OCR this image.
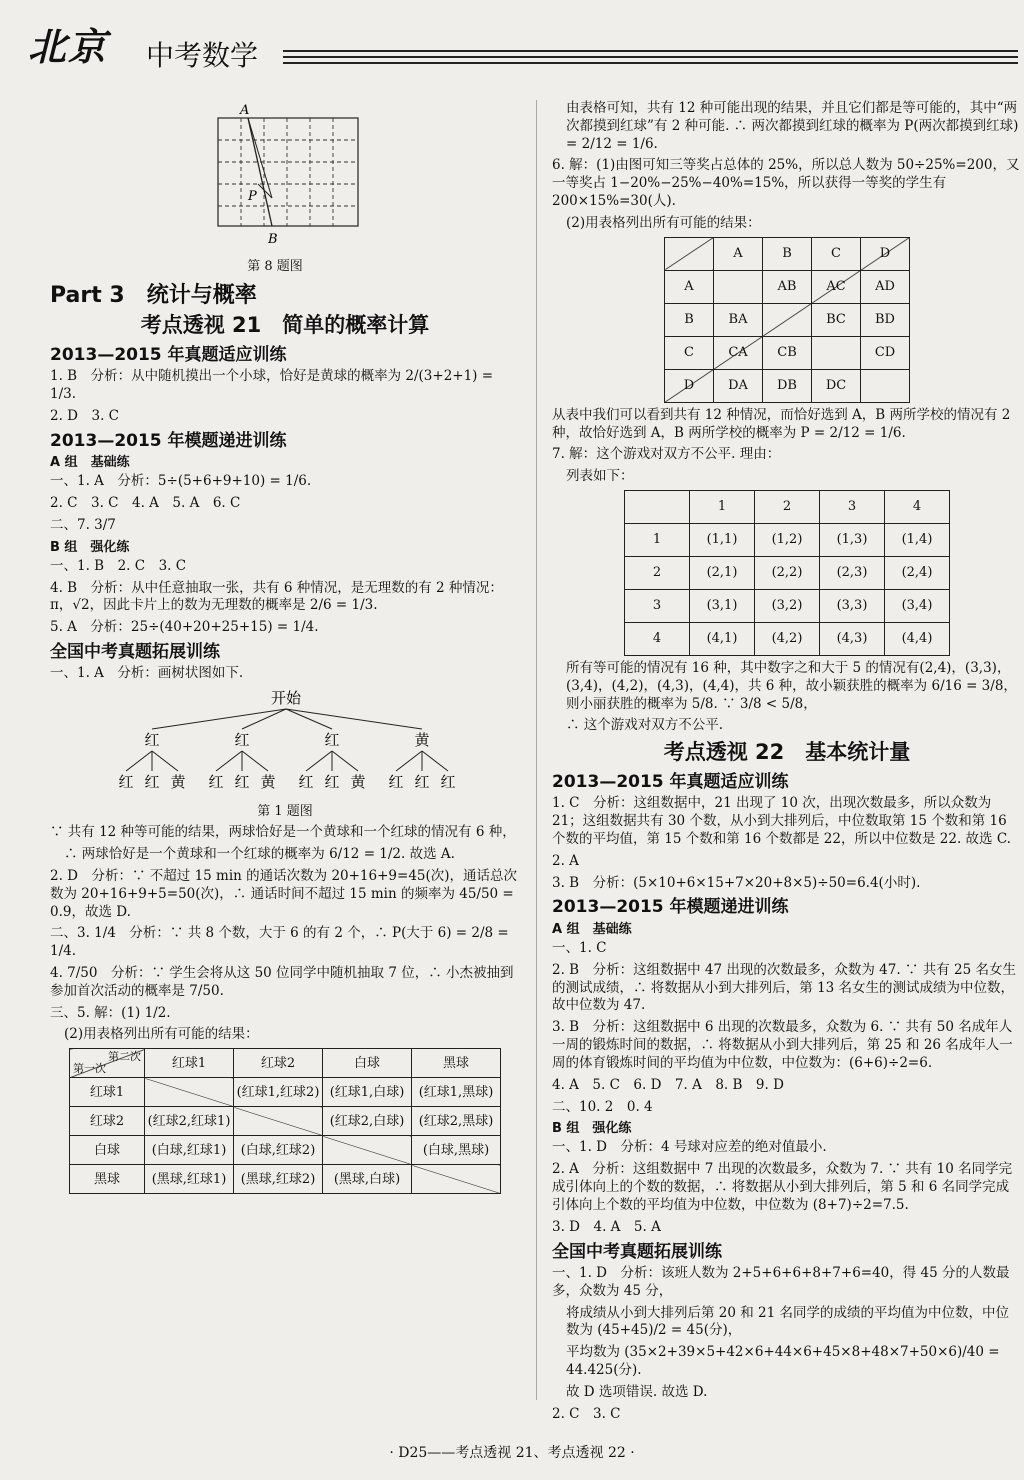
北京 中考数学
A
P
B
第 8 题图
Part 3　统计与概率
考点透视 21　简单的概率计算
2013—2015 年真题适应训练

1. B　分析：从中随机摸出一个小球，恰好是黄球的概率为 2/(3+2+1) = 1/3.

2. D　3. C

2013—2015 年模题递进训练
A 组　基础练

一、1. A　分析：5÷(5+6+9+10) = 1/6.

2. C　3. C　4. A　5. A　6. C

二、7. 3/7

B 组　强化练

一、1. B　2. C　3. C

4. B　分析：从中任意抽取一张，共有 6 种情况，是无理数的有 2 种情况：π，√2，因此卡片上的数为无理数的概率是 2/6 = 1/3.

5. A　分析：25÷(40+20+25+15) = 1/4.

全国中考真题拓展训练

一、1. A　分析：画树状图如下.

开始
红	红	红	黄
红 红 黄 红 红 黄 红 红 黄 红 红 红
第 1 题图

∵ 共有 12 种等可能的结果，两球恰好是一个黄球和一个红球的情况有 6 种，

∴ 两球恰好是一个黄球和一个红球的概率为 6/12 = 1/2. 故选 A.

2. D　分析：∵ 不超过 15 min 的通话次数为 20+16+9=45(次)，通话总次数为 20+16+9+5=50(次)，∴ 通话时间不超过 15 min 的频率为 45/50 = 0.9，故选 D.

二、3. 1/4　分析：∵ 共 8 个数，大于 6 的有 2 个，∴ P(大于 6) = 2/8 = 1/4.

4. 7/50　分析：∵ 学生会将从这 50 位同学中随机抽取 7 位，∴ 小杰被抽到参加首次活动的概率是 7/50.

三、5. 解：(1) 1/2.

(2)用表格列出所有可能的结果：

第二次
第一次	红球1	红球2	白球	黑球
红球1		(红球1,红球2)	(红球1,白球)	(红球1,黑球)
红球2	(红球2,红球1)		(红球2,白球)	(红球2,黑球)
白球	(白球,红球1)	(白球,红球2)		(白球,黑球)
黑球	(黑球,红球1)	(黑球,红球2)	(黑球,白球)	

由表格可知，共有 12 种可能出现的结果，并且它们都是等可能的，其中“两次都摸到红球”有 2 种可能. ∴ 两次都摸到红球的概率为 P(两次都摸到红球) = 2/12 = 1/6.

6. 解：(1)由图可知三等奖占总体的 25%，所以总人数为 50÷25%=200，又一等奖占 1−20%−25%−40%=15%，所以获得一等奖的学生有 200×15%=30(人).

(2)用表格列出所有可能的结果：

	A	B	C	D
A		AB	AC	AD
B	BA		BC	BD
C	CA	CB		CD
D	DA	DB	DC	

从表中我们可以看到共有 12 种情况，而恰好选到 A，B 两所学校的情况有 2 种，故恰好选到 A，B 两所学校的概率为 P = 2/12 = 1/6.

7. 解：这个游戏对双方不公平. 理由：

列表如下：

	1	2	3	4
1	(1,1)	(1,2)	(1,3)	(1,4)
2	(2,1)	(2,2)	(2,3)	(2,4)
3	(3,1)	(3,2)	(3,3)	(3,4)
4	(4,1)	(4,2)	(4,3)	(4,4)

所有等可能的情况有 16 种，其中数字之和大于 5 的情况有(2,4)，(3,3)，(3,4)，(4,2)，(4,3)，(4,4)，共 6 种，故小颖获胜的概率为 6/16 = 3/8，则小丽获胜的概率为 5/8. ∵ 3/8 < 5/8，

∴ 这个游戏对双方不公平.

考点透视 22　基本统计量
2013—2015 年真题适应训练

1. C　分析：这组数据中，21 出现了 10 次，出现次数最多，所以众数为 21；这组数据共有 30 个数，从小到大排列后，中位数取第 15 个数和第 16 个数的平均值，第 15 个数和第 16 个数都是 22，所以中位数是 22. 故选 C.

2. A

3. B　分析：(5×10+6×15+7×20+8×5)÷50=6.4(小时).

2013—2015 年模题递进训练
A 组　基础练

一、1. C

2. B　分析：这组数据中 47 出现的次数最多，众数为 47. ∵ 共有 25 名女生的测试成绩，∴ 将数据从小到大排列后，第 13 名女生的测试成绩为中位数，故中位数为 47.

3. B　分析：这组数据中 6 出现的次数最多，众数为 6. ∵ 共有 50 名成年人一周的锻炼时间的数据，∴ 将数据从小到大排列后，第 25 和 26 名成年人一周的体育锻炼时间的平均值为中位数，中位数为：(6+6)÷2=6.

4. A　5. C　6. D　7. A　8. B　9. D

二、10. 2　0. 4

B 组　强化练

一、1. D　分析：4 号球对应差的绝对值最小.

2. A　分析：这组数据中 7 出现的次数最多，众数为 7. ∵ 共有 10 名同学完成引体向上的个数的数据，∴ 将数据从小到大排列后，第 5 和 6 名同学完成引体向上个数的平均值为中位数，中位数为 (8+7)÷2=7.5.

3. D　4. A　5. A

全国中考真题拓展训练

一、1. D　分析：该班人数为 2+5+6+6+8+7+6=40，得 45 分的人数最多，众数为 45 分，

将成绩从小到大排列后第 20 和 21 名同学的成绩的平均值为中位数，中位数为 (45+45)/2 = 45(分)，

平均数为 (35×2+39×5+42×6+44×6+45×8+48×7+50×6)/40 = 44.425(分).

故 D 选项错误. 故选 D.

2. C　3. C

· D25——考点透视 21、考点透视 22 ·
